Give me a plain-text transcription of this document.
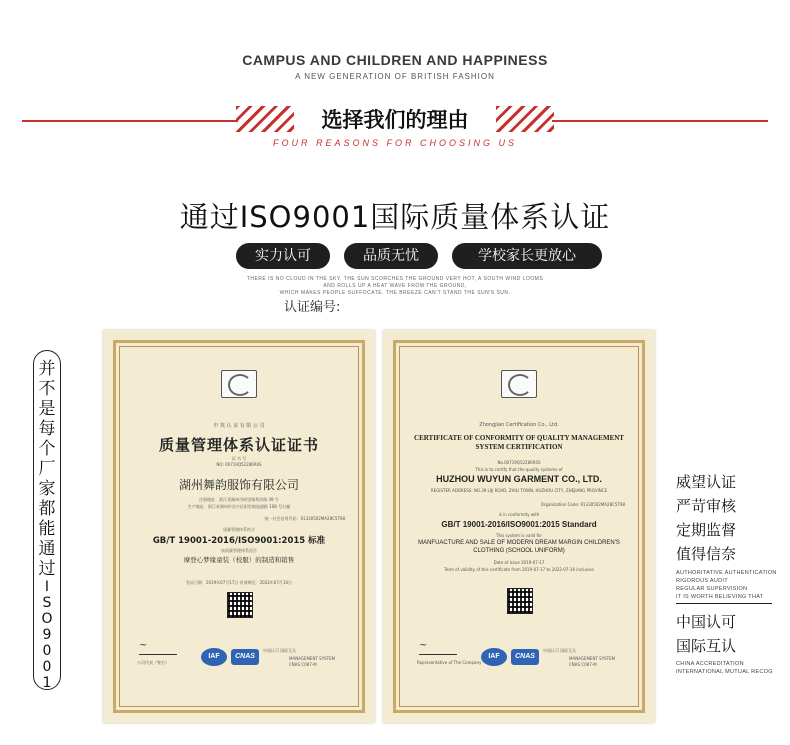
CAMPUS AND CHILDREN AND HAPPINESS
A NEW GENERATION OF BRITISH FASHION
选择我们的理由
FOUR REASONS FOR CHOOSING US
通过ISO9001国际质量体系认证
实力认可	品质无忧	学校家长更放心
THERE IS NO CLOUD IN THE SKY, THE SUN SCORCHES THE GROUND VERY HOT, A SOUTH WIND LOOMS
AND ROLLS UP A HEAT WAVE FROM THE GROUND,
WHICH MAKES PEOPLE SUFFOCATE. THE BREEZE CAN'T STAND THE SUN'S SUN.
认证编号:
并
不
是
每
个
厂
家
都
能
通
过
I
S
O
9
0
0
1
威望认证
严苛审核
定期监督
值得信奈
AUTHORITATIVE AUTHENTICATION
RIGOROUS AUDIT
REGULAR SUPERVISION
IT IS WORTH BELIEVING THAT
中国认可
国际互认
CHINA ACCREDITATION
INTERNATIONAL MUTUAL RECOG
中 筑 认 证 有 限 公 司
质量管理体系认证证书
证 书 号
NO: 00719Q52286R0S
湖州舞韵服饰有限公司
注册地址：浙江省湖州市织里镇利济路 39 号
生产地址：浙江省湖州市吴兴区织里镇旭通路 108 号右幅
统一社会信用代码：91330502MA28C5T98
质量管理体系符合
GB/T 19001-2016/ISO9001:2015 标准
该质量管理体系适合
摩登心梦缘童装（校服）的制造和销售
发证日期：2019年07月17日 有效期至：2022年07月16日
~
公司代表（签名）
IAF	CNAS
中国认可 国际互认
MANAGEMENT SYSTEM
CNAS C087-M
Zhongjian Certification Co., Ltd.
CERTIFICATE OF CONFORMITY OF QUALITY MANAGEMENT SYSTEM CERTIFICATION
No.00719Q52286R0S
This is to certify that the quality systems of
HUZHOU WUYUN GARMENT CO., LTD.
REGISTER ADDRESS: NO.39 LIJI ROAD, ZHILI TOWN, HUZHOU CITY, ZHEJIANG PROVINCE
Organization Code: 91330502MA28C5T98
is in conformity with
GB/T 19001-2016/ISO9001:2015 Standard
This system is valid for
MANFUACTURE AND SALE OF MODERN DREAM MARGIN CHILDREN'S CLOTHING (SCHOOL UNIFORM)
Date of issue 2019-07-17
Term of validity of this certificate from 2019-07-17 to 2022-07-16 inclusive
~
Representative of The Company
IAF	CNAS
中国认可 国际互认
MANAGEMENT SYSTEM
CNAS C087-M
